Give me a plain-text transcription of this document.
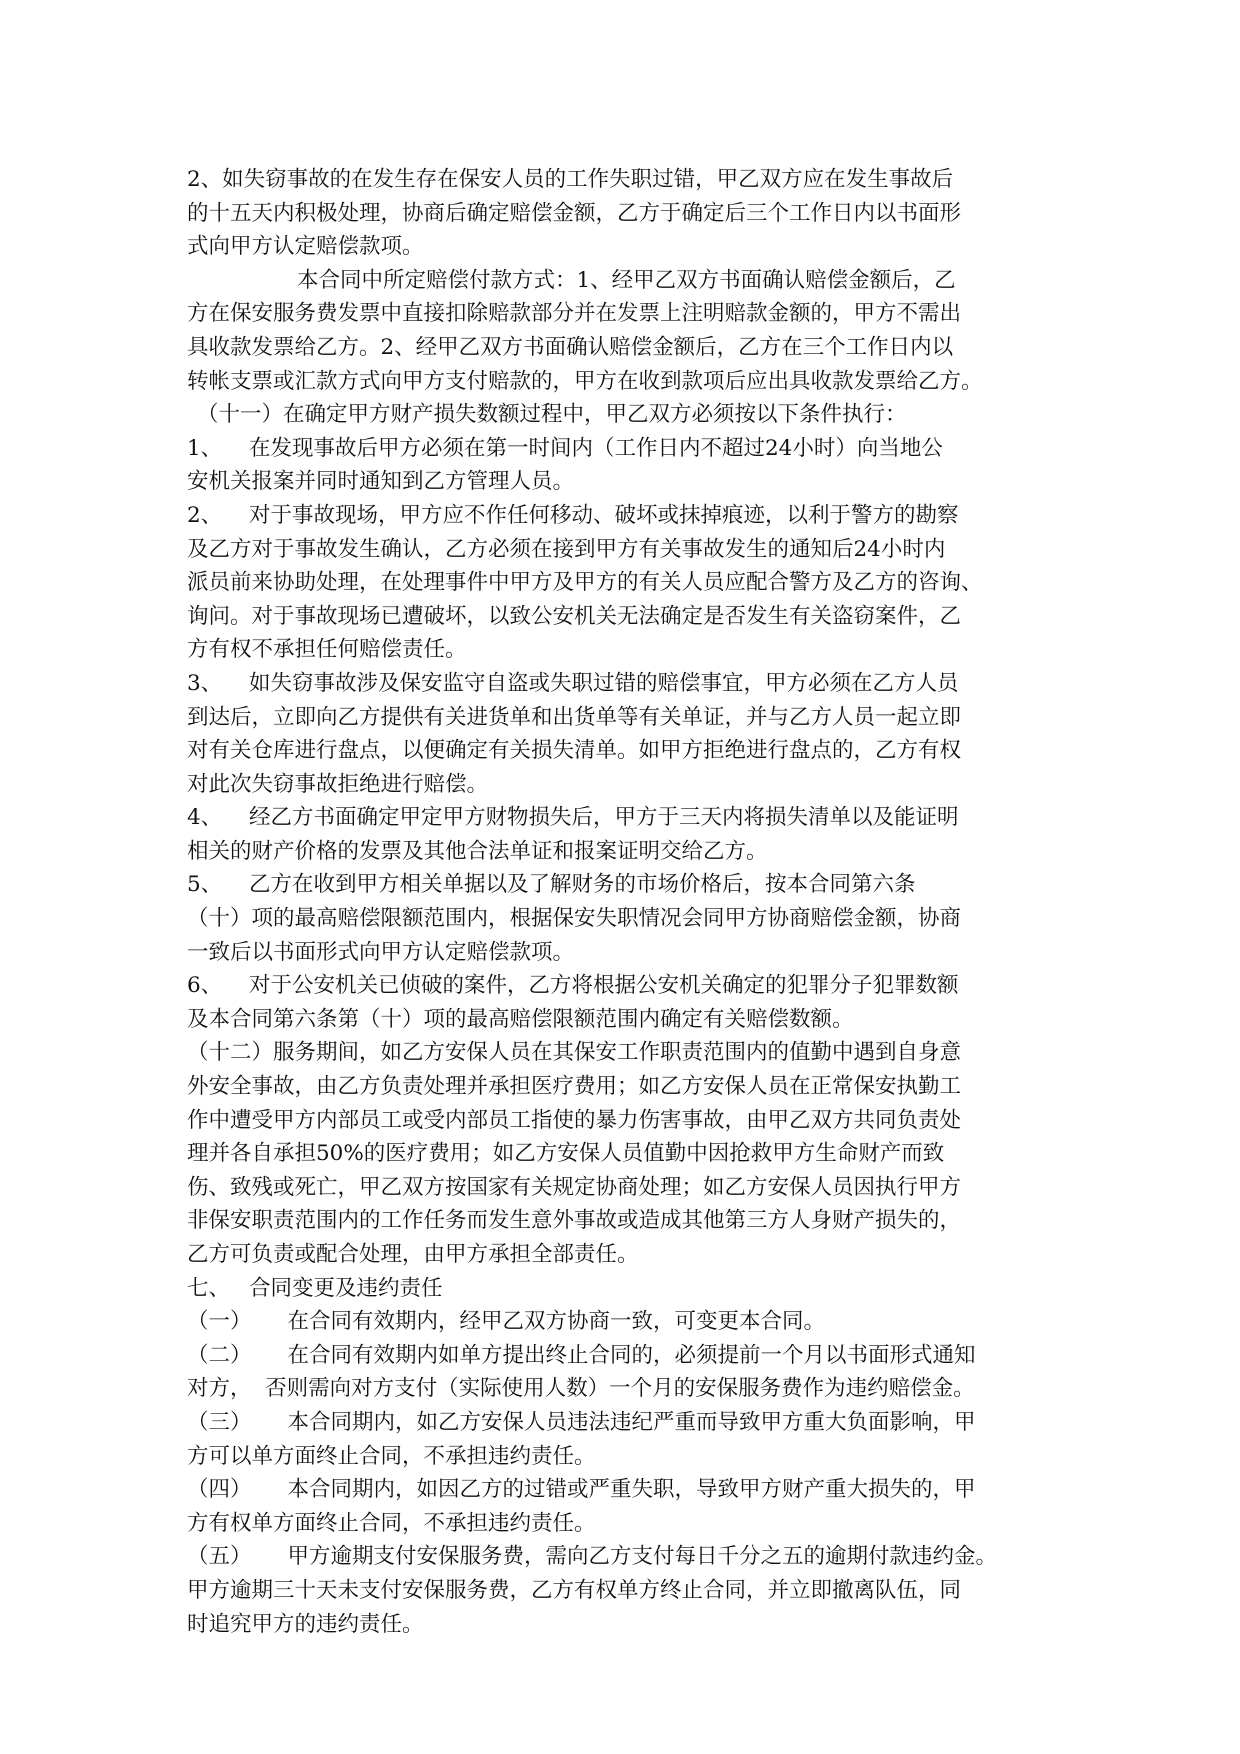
2、如失窃事故的在发生存在保安人员的工作失职过错，甲乙双方应在发生事故后
的十五天内积极处理，协商后确定赔偿金额，乙方于确定后三个工作日内以书面形
式向甲方认定赔偿款项。
本合同中所定赔偿付款方式：1、经甲乙双方书面确认赔偿金额后，乙
方在保安服务费发票中直接扣除赔款部分并在发票上注明赔款金额的，甲方不需出
具收款发票给乙方。2、经甲乙双方书面确认赔偿金额后，乙方在三个工作日内以
转帐支票或汇款方式向甲方支付赔款的，甲方在收到款项后应出具收款发票给乙方。
（十一）在确定甲方财产损失数额过程中，甲乙双方必须按以下条件执行：
1、 在发现事故后甲方必须在第一时间内（工作日内不超过24小时）向当地公
安机关报案并同时通知到乙方管理人员。
2、 对于事故现场，甲方应不作任何移动、破坏或抹掉痕迹，以利于警方的勘察
及乙方对于事故发生确认，乙方必须在接到甲方有关事故发生的通知后24小时内
派员前来协助处理，在处理事件中甲方及甲方的有关人员应配合警方及乙方的咨询、
询问。对于事故现场已遭破坏，以致公安机关无法确定是否发生有关盗窃案件，乙
方有权不承担任何赔偿责任。
3、 如失窃事故涉及保安监守自盗或失职过错的赔偿事宜，甲方必须在乙方人员
到达后，立即向乙方提供有关进货单和出货单等有关单证，并与乙方人员一起立即
对有关仓库进行盘点，以便确定有关损失清单。如甲方拒绝进行盘点的，乙方有权
对此次失窃事故拒绝进行赔偿。
4、 经乙方书面确定甲定甲方财物损失后，甲方于三天内将损失清单以及能证明
相关的财产价格的发票及其他合法单证和报案证明交给乙方。
5、 乙方在收到甲方相关单据以及了解财务的市场价格后，按本合同第六条
（十）项的最高赔偿限额范围内，根据保安失职情况会同甲方协商赔偿金额，协商
一致后以书面形式向甲方认定赔偿款项。
6、 对于公安机关已侦破的案件，乙方将根据公安机关确定的犯罪分子犯罪数额
及本合同第六条第（十）项的最高赔偿限额范围内确定有关赔偿数额。
（十二）服务期间，如乙方安保人员在其保安工作职责范围内的值勤中遇到自身意
外安全事故，由乙方负责处理并承担医疗费用；如乙方安保人员在正常保安执勤工
作中遭受甲方内部员工或受内部员工指使的暴力伤害事故，由甲乙双方共同负责处
理并各自承担50%的医疗费用；如乙方安保人员值勤中因抢救甲方生命财产而致
伤、致残或死亡，甲乙双方按国家有关规定协商处理；如乙方安保人员因执行甲方
非保安职责范围内的工作任务而发生意外事故或造成其他第三方人身财产损失的，
乙方可负责或配合处理，由甲方承担全部责任。
七、 合同变更及违约责任
（一） 在合同有效期内，经甲乙双方协商一致，可变更本合同。
（二） 在合同有效期内如单方提出终止合同的，必须提前一个月以书面形式通知
对方，  否则需向对方支付（实际使用人数）一个月的安保服务费作为违约赔偿金。
（三） 本合同期内，如乙方安保人员违法违纪严重而导致甲方重大负面影响，甲
方可以单方面终止合同，不承担违约责任。
（四） 本合同期内，如因乙方的过错或严重失职，导致甲方财产重大损失的，甲
方有权单方面终止合同，不承担违约责任。
（五） 甲方逾期支付安保服务费，需向乙方支付每日千分之五的逾期付款违约金。
甲方逾期三十天未支付安保服务费，乙方有权单方终止合同，并立即撤离队伍，同
时追究甲方的违约责任。
